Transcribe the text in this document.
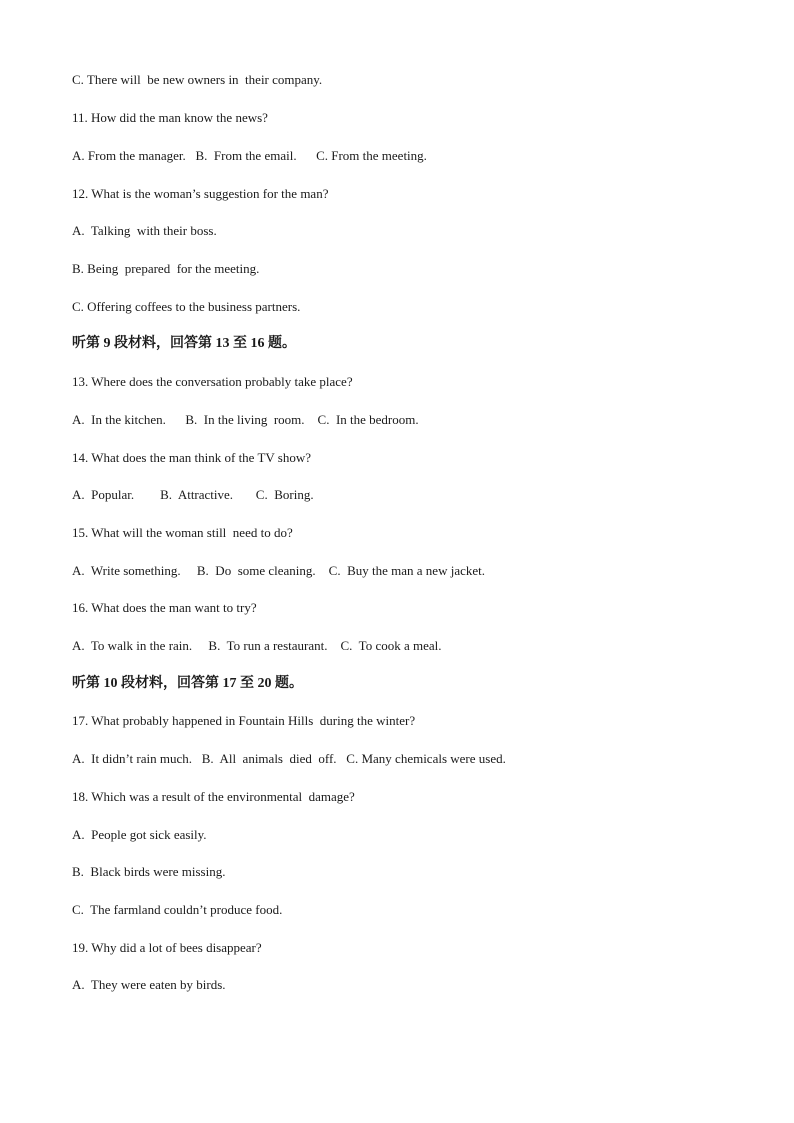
C. There will  be new owners in  their company.
11. How did the man know the news?
A. From the manager.   B.  From the email.      C. From the meeting.
12. What is the woman’s suggestion for the man?
A.  Talking  with their boss.
B. Being  prepared  for the meeting.
C. Offering coffees to the business partners.
听第 9 段材料，回答第 13 至 16 题。
13. Where does the conversation probably take place?
A.  In the kitchen.      B.  In the living  room.    C.  In the bedroom.
14. What does the man think of the TV show?
A.  Popular.        B.  Attractive.       C.  Boring.
15. What will the woman still  need to do?
A.  Write something.     B.  Do  some cleaning.    C.  Buy the man a new jacket.
16. What does the man want to try?
A.  To walk in the rain.     B.  To run a restaurant.    C.  To cook a meal.
听第 10 段材料，回答第 17 至 20 题。
17. What probably happened in Fountain Hills  during the winter?
A.  It didn’t rain much.   B.  All  animals  died  off.   C. Many chemicals were used.
18. Which was a result of the environmental  damage?
A.  People got sick easily.
B.  Black birds were missing.
C.  The farmland couldn’t produce food.
19. Why did a lot of bees disappear?
A.  They were eaten by birds.
